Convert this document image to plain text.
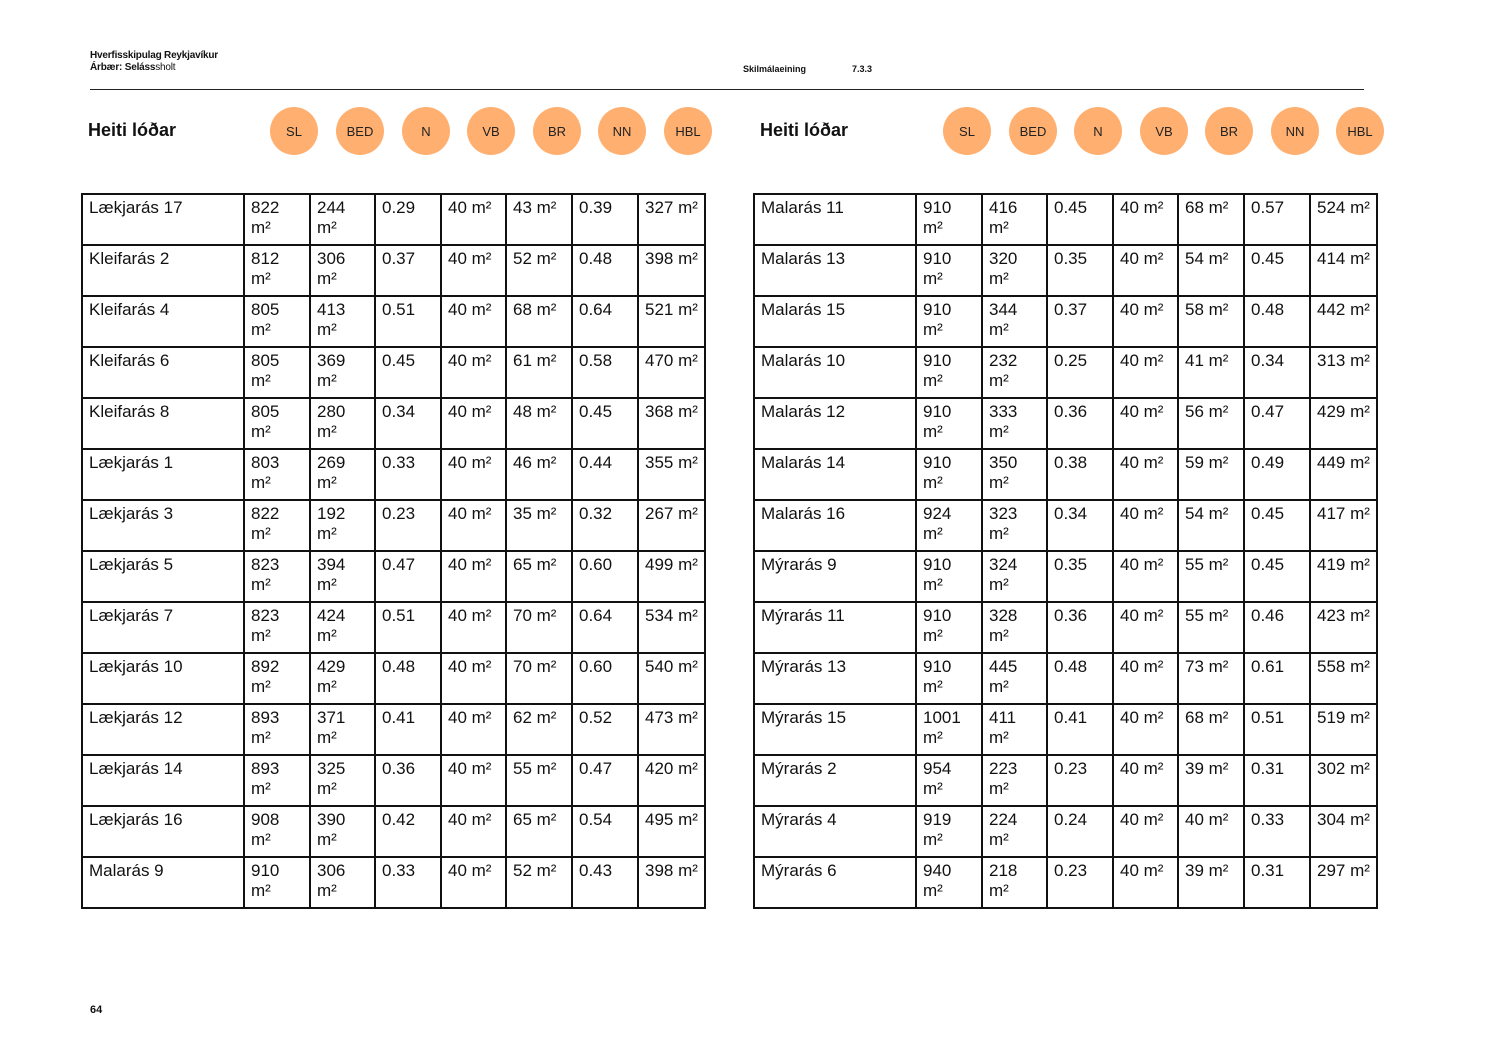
Hverfisskipulag Reykjavíkur
Árbær: Selásssholt	Skilmálaeining	7.3.3
Heiti lóðar	SL	BED	N	VB	BR	NN	HBL	Heiti lóðar	SL	BED	N	VB	BR	NN	HBL
Lækjarás 17	822 m²	244 m²	0.29	40 m²	43 m²	0.39	327 m²
Kleifarás 2	812 m²	306 m²	0.37	40 m²	52 m²	0.48	398 m²
Kleifarás 4	805 m²	413 m²	0.51	40 m²	68 m²	0.64	521 m²
Kleifarás 6	805 m²	369 m²	0.45	40 m²	61 m²	0.58	470 m²
Kleifarás 8	805 m²	280 m²	0.34	40 m²	48 m²	0.45	368 m²
Lækjarás 1	803 m²	269 m²	0.33	40 m²	46 m²	0.44	355 m²
Lækjarás 3	822 m²	192 m²	0.23	40 m²	35 m²	0.32	267 m²
Lækjarás 5	823 m²	394 m²	0.47	40 m²	65 m²	0.60	499 m²
Lækjarás 7	823 m²	424 m²	0.51	40 m²	70 m²	0.64	534 m²
Lækjarás 10	892 m²	429 m²	0.48	40 m²	70 m²	0.60	540 m²
Lækjarás 12	893 m²	371 m²	0.41	40 m²	62 m²	0.52	473 m²
Lækjarás 14	893 m²	325 m²	0.36	40 m²	55 m²	0.47	420 m²
Lækjarás 16	908 m²	390 m²	0.42	40 m²	65 m²	0.54	495 m²
Malarás 9	910 m²	306 m²	0.33	40 m²	52 m²	0.43	398 m²
Malarás 11	910 m²	416 m²	0.45	40 m²	68 m²	0.57	524 m²
Malarás 13	910 m²	320 m²	0.35	40 m²	54 m²	0.45	414 m²
Malarás 15	910 m²	344 m²	0.37	40 m²	58 m²	0.48	442 m²
Malarás 10	910 m²	232 m²	0.25	40 m²	41 m²	0.34	313 m²
Malarás 12	910 m²	333 m²	0.36	40 m²	56 m²	0.47	429 m²
Malarás 14	910 m²	350 m²	0.38	40 m²	59 m²	0.49	449 m²
Malarás 16	924 m²	323 m²	0.34	40 m²	54 m²	0.45	417 m²
Mýrarás 9	910 m²	324 m²	0.35	40 m²	55 m²	0.45	419 m²
Mýrarás 11	910 m²	328 m²	0.36	40 m²	55 m²	0.46	423 m²
Mýrarás 13	910 m²	445 m²	0.48	40 m²	73 m²	0.61	558 m²
Mýrarás 15	1001 m²	411 m²	0.41	40 m²	68 m²	0.51	519 m²
Mýrarás 2	954 m²	223 m²	0.23	40 m²	39 m²	0.31	302 m²
Mýrarás 4	919 m²	224 m²	0.24	40 m²	40 m²	0.33	304 m²
Mýrarás 6	940 m²	218 m²	0.23	40 m²	39 m²	0.31	297 m²
64
